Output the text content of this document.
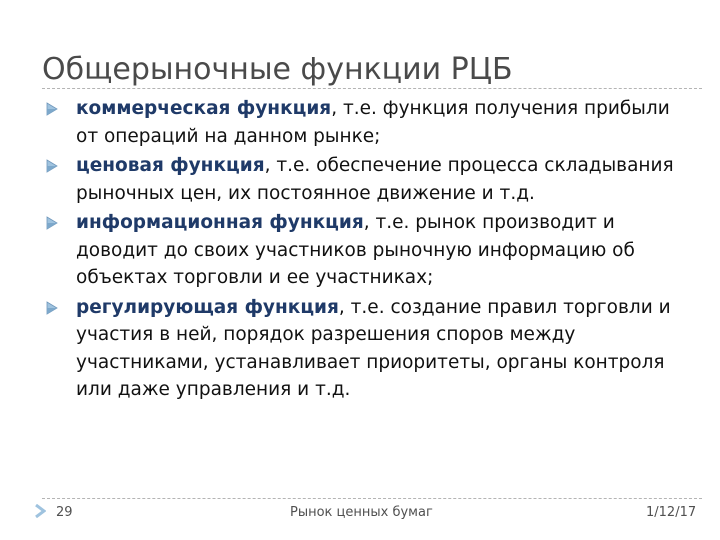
Общерыночные функции РЦБ
коммерческая функция, т.е. функция получения прибыли от операций на данном рынке;
ценовая функция, т.е. обеспечение процесса складывания рыночных цен, их постоянное движение и т.д.
информационная функция, т.е. рынок производит и доводит до своих участников рыночную информацию об объектах торговли и ее участниках;
регулирующая функция, т.е. создание правил торговли и участия в ней, порядок разрешения споров между участниками, устанавливает приоритеты, органы контроля или даже управления и т.д.
29	Рынок ценных бумаг	1/12/17
